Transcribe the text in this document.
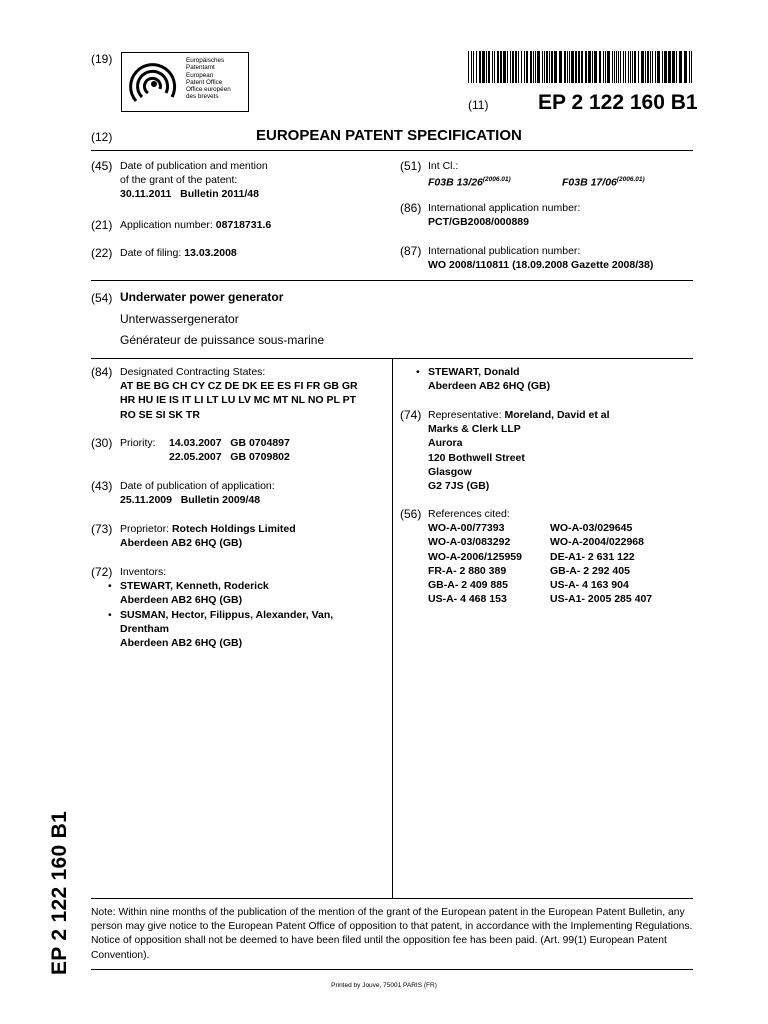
(19)	Europäisches
Patentamt
European
Patent Office
Office européen
des brevets
(11) EP 2 122 160 B1
(12)	EUROPEAN PATENT SPECIFICATION
(45) Date of publication and mention
of the grant of the patent:
30.11.2011   Bulletin 2011/48
(21) Application number: 08718731.6
(22) Date of filing: 13.03.2008
(51) Int Cl.:
F03B $13/26^{(2006.01)}$	F03B $17/06^{(2006.01)}$
(86) International application number:
PCT/GB2008/000889
(87) International publication number:
WO 2008/110811 (18.09.2008 Gazette 2008/38)
(54) Underwater power generator
Unterwassergenerator
Générateur de puissance sous-marine
(84) Designated Contracting States:
AT BE BG CH CY CZ DE DK EE ES FI FR GB GR
HR HU IE IS IT LI LT LU LV MC MT NL NO PL PT
RO SE SI SK TR
(30) Priority: 14.03.2007   GB 0704897
22.05.2007   GB 0709802
(43) Date of publication of application:
25.11.2009   Bulletin 2009/48
(73) Proprietor: Rotech Holdings Limited
Aberdeen AB2 6HQ (GB)
(72) Inventors:
• STEWART, Kenneth, Roderick
Aberdeen AB2 6HQ (GB)
• SUSMAN, Hector, Filippus, Alexander, Van,
Drentham
Aberdeen AB2 6HQ (GB)
• STEWART, Donald
Aberdeen AB2 6HQ (GB)
(74) Representative: Moreland, David et al
Marks & Clerk LLP
Aurora
120 Bothwell Street
Glasgow
G2 7JS (GB)
(56) References cited:
WO-A-00/77393	WO-A-03/029645
WO-A-03/083292	WO-A-2004/022968
WO-A-2006/125959	DE-A1- 2 631 122
FR-A- 2 880 389	GB-A- 2 292 405
GB-A- 2 409 885	US-A- 4 163 904
US-A- 4 468 153	US-A1- 2005 285 407
EP 2 122 160 B1 Note: Within nine months of the publication of the mention of the grant of the European patent in the European Patent Bulletin, any person may give notice to the European Patent Office of opposition to that patent, in accordance with the Implementing Regulations. Notice of opposition shall not be deemed to have been filed until the opposition fee has been paid. (Art. 99(1) European Patent Convention).
Printed by Jouve, 75001 PARIS (FR)
